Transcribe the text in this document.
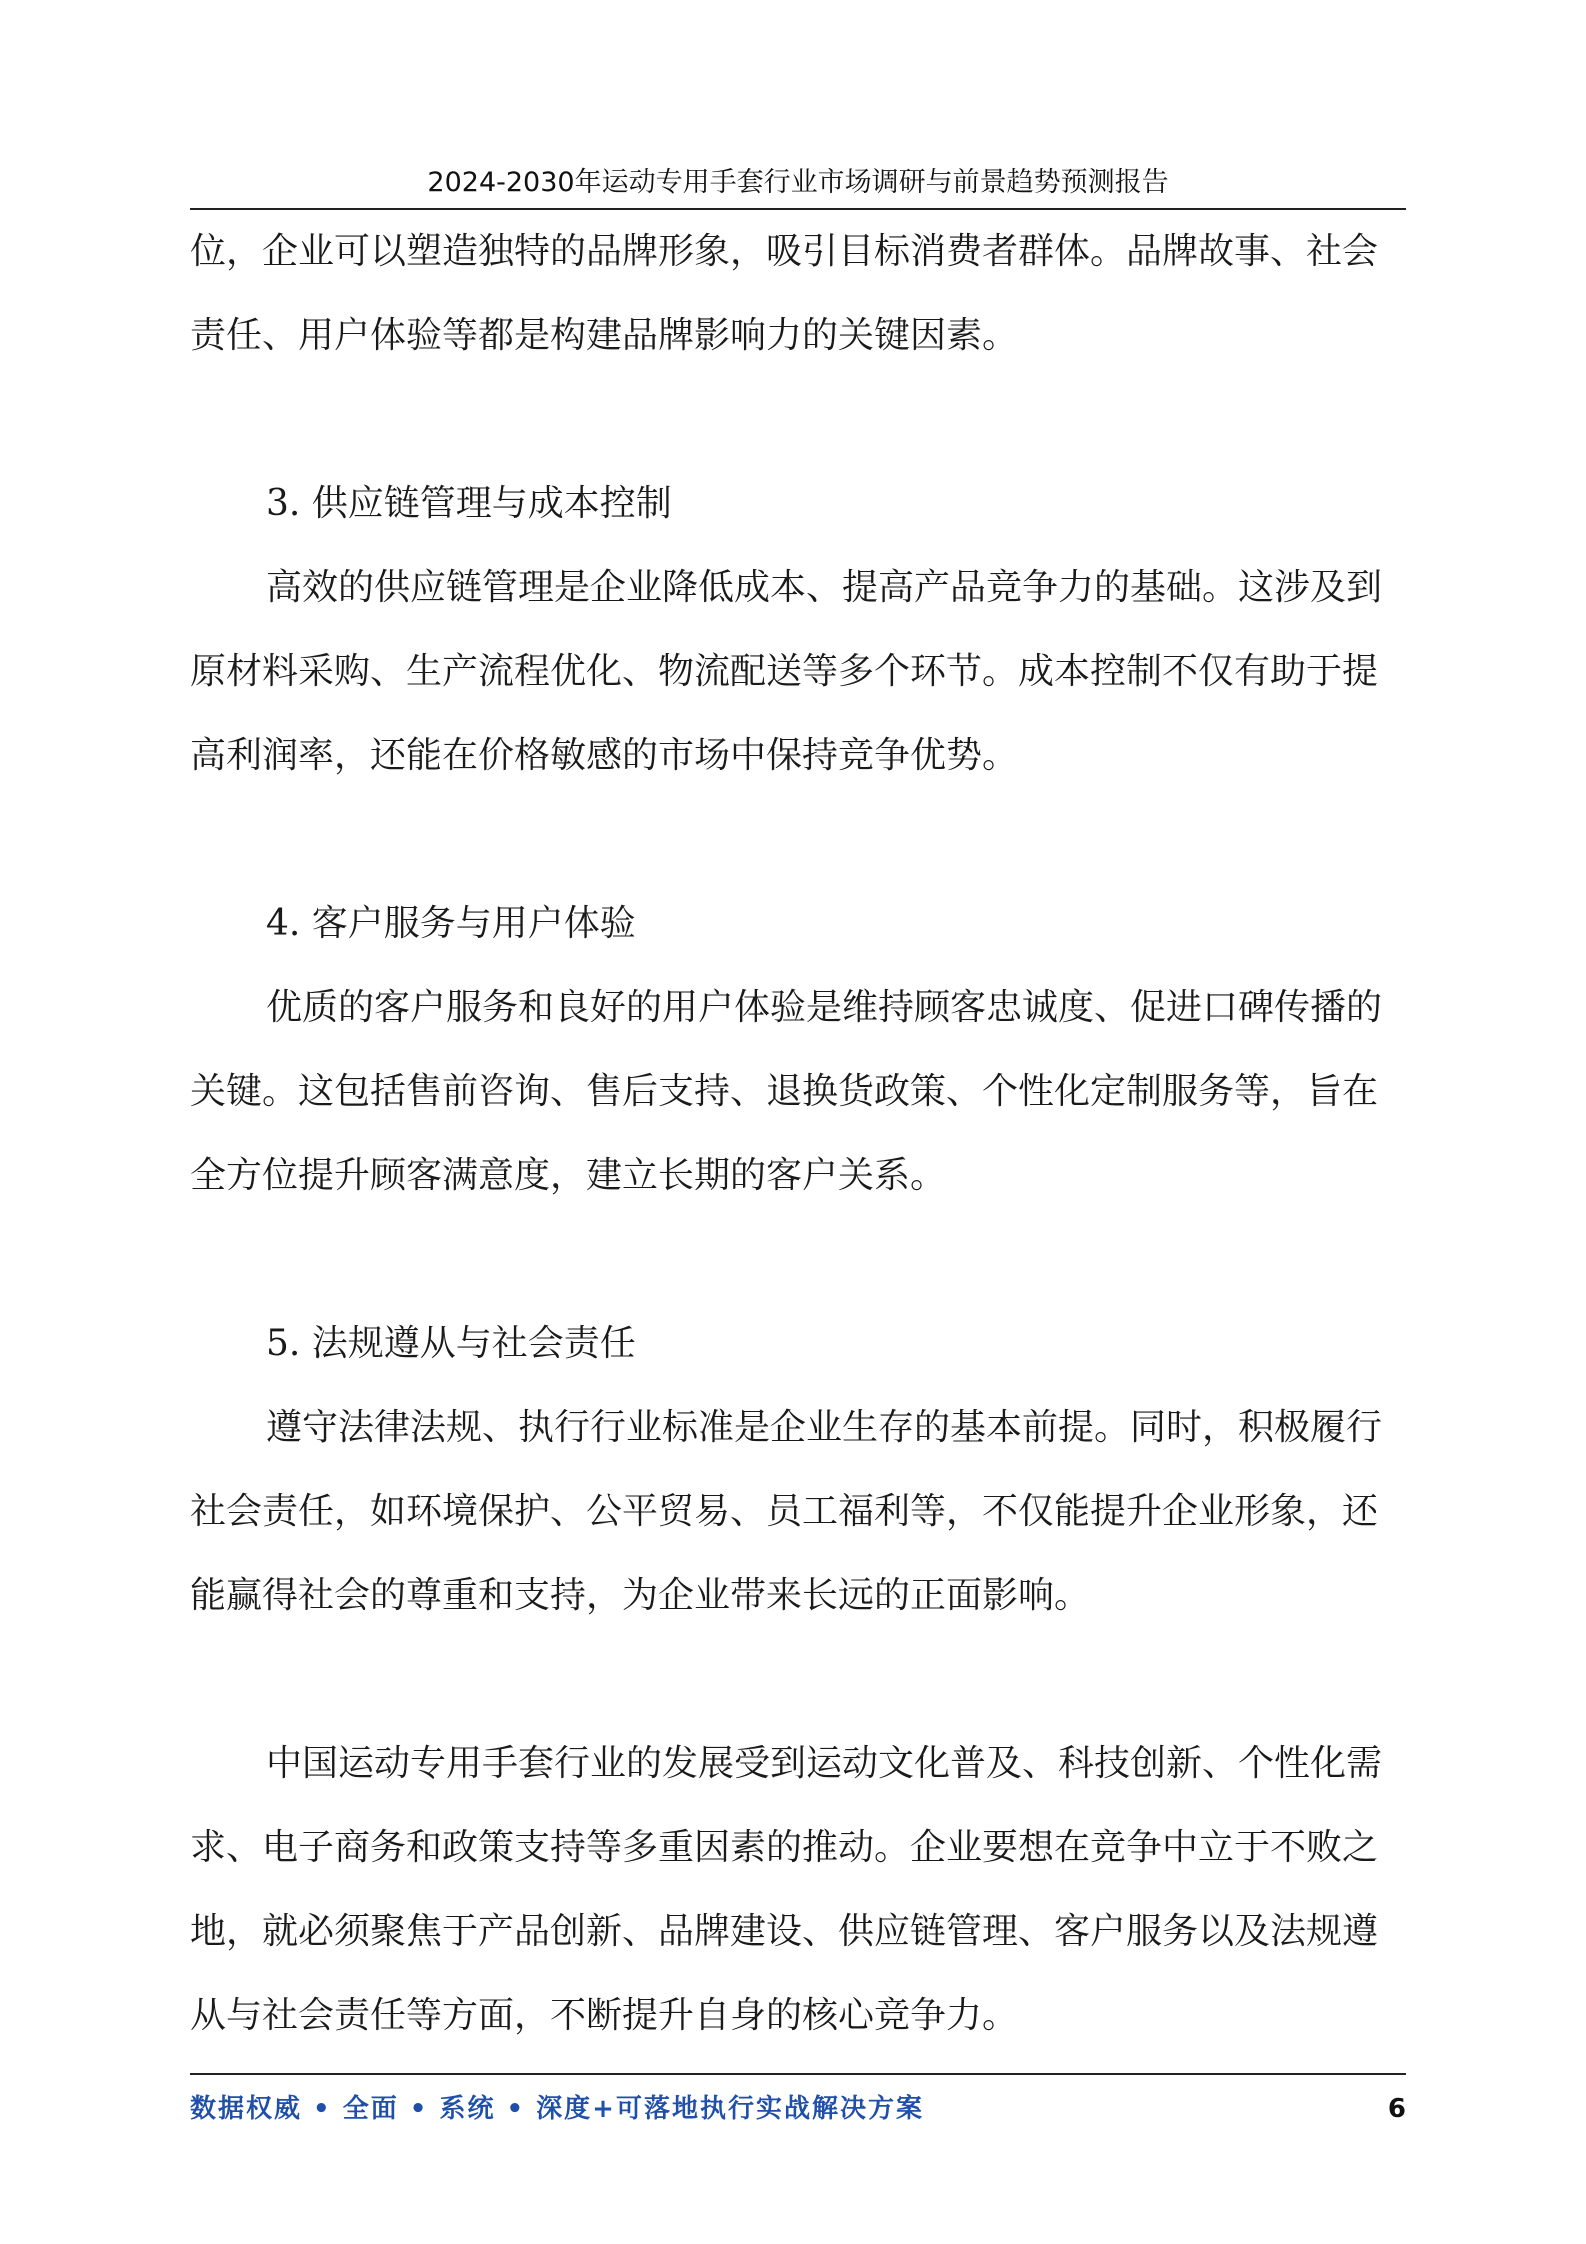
2024-2030年运动专用手套行业市场调研与前景趋势预测报告

位，企业可以塑造独特的品牌形象，吸引目标消费者群体。品牌故事、社会责任、用户体验等都是构建品牌影响力的关键因素。

3. 供应链管理与成本控制

高效的供应链管理是企业降低成本、提高产品竞争力的基础。这涉及到原材料采购、生产流程优化、物流配送等多个环节。成本控制不仅有助于提高利润率，还能在价格敏感的市场中保持竞争优势。

4. 客户服务与用户体验

优质的客户服务和良好的用户体验是维持顾客忠诚度、促进口碑传播的关键。这包括售前咨询、售后支持、退换货政策、个性化定制服务等，旨在全方位提升顾客满意度，建立长期的客户关系。

5. 法规遵从与社会责任

遵守法律法规、执行行业标准是企业生存的基本前提。同时，积极履行社会责任，如环境保护、公平贸易、员工福利等，不仅能提升企业形象，还能赢得社会的尊重和支持，为企业带来长远的正面影响。

中国运动专用手套行业的发展受到运动文化普及、科技创新、个性化需求、电子商务和政策支持等多重因素的推动。企业要想在竞争中立于不败之地，就必须聚焦于产品创新、品牌建设、供应链管理、客户服务以及法规遵从与社会责任等方面，不断提升自身的核心竞争力。

数据权威 • 全面 • 系统 • 深度+可落地执行实战解决方案	6
